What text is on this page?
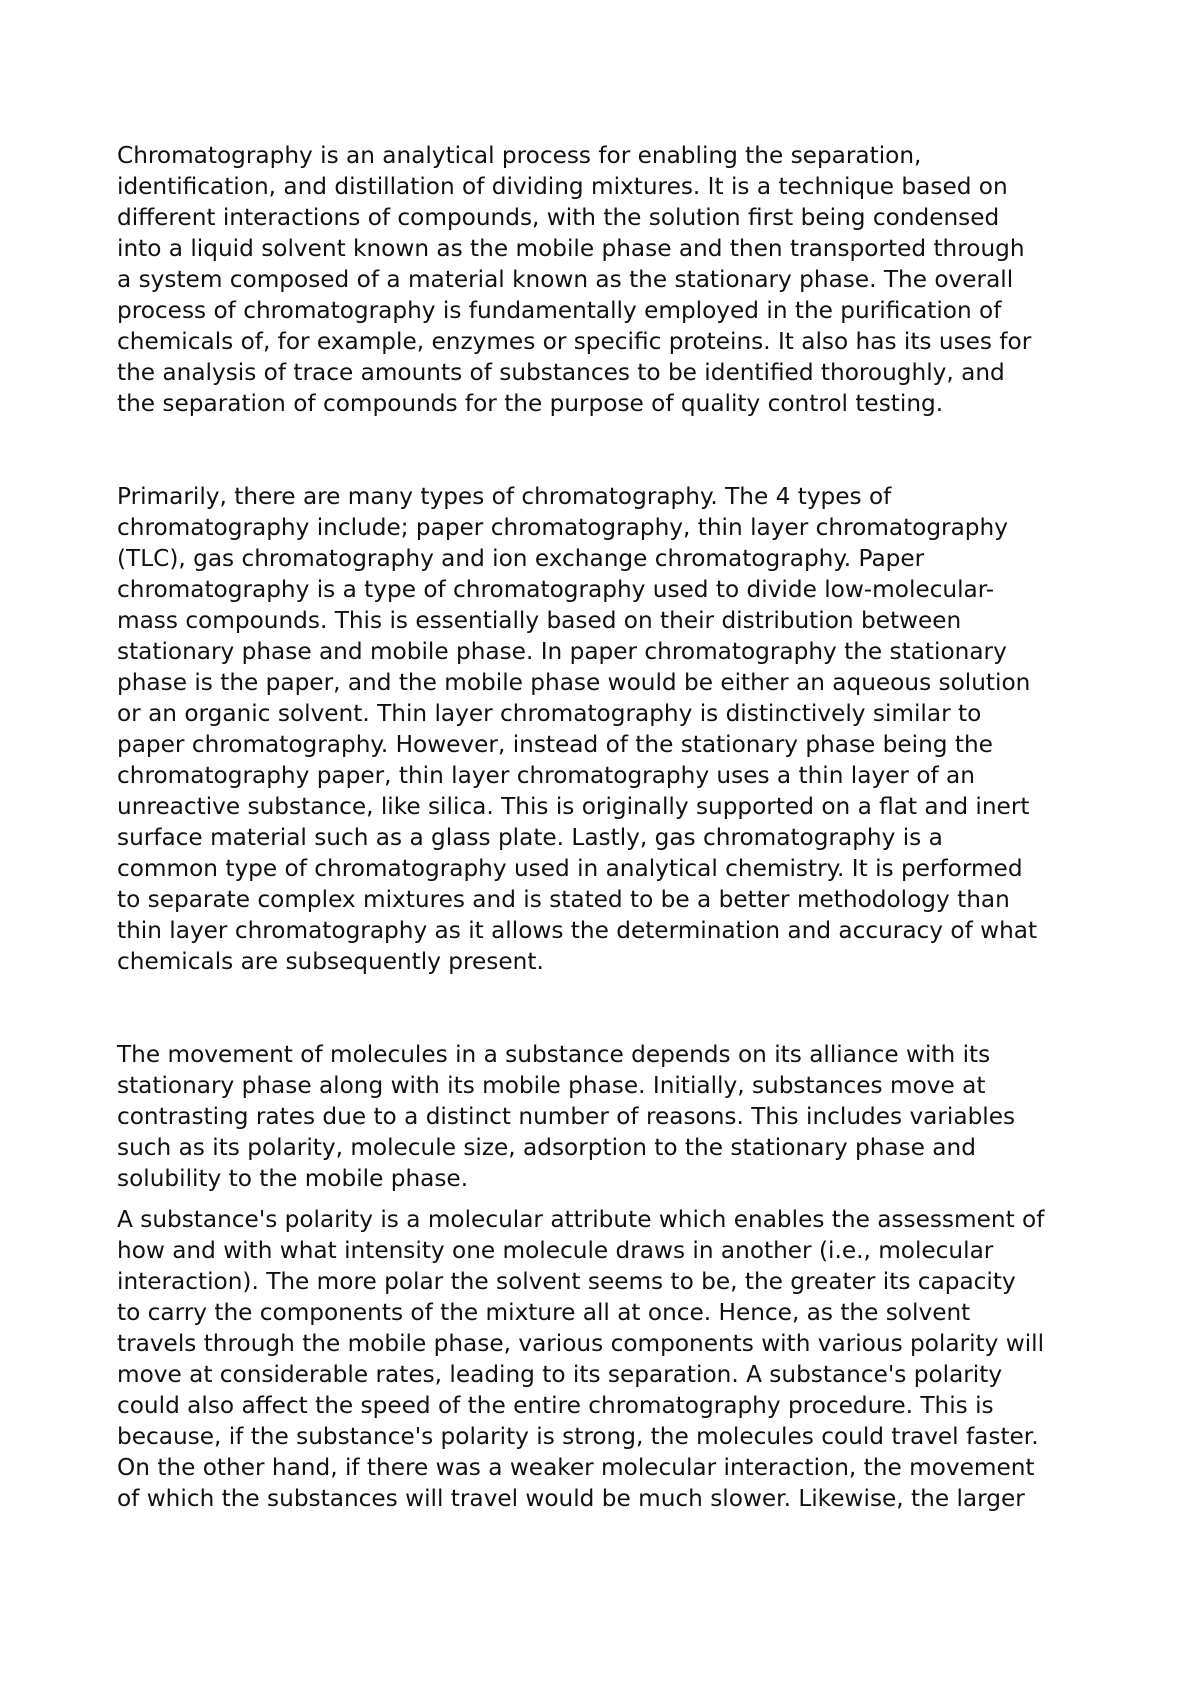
Chromatography is an analytical process for enabling the separation,
identification, and distillation of dividing mixtures. It is a technique based on
different interactions of compounds, with the solution first being condensed
into a liquid solvent known as the mobile phase and then transported through
a system composed of a material known as the stationary phase. The overall
process of chromatography is fundamentally employed in the purification of
chemicals of, for example, enzymes or specific proteins. It also has its uses for
the analysis of trace amounts of substances to be identified thoroughly, and
the separation of compounds for the purpose of quality control testing.

Primarily, there are many types of chromatography. The 4 types of
chromatography include; paper chromatography, thin layer chromatography
(TLC), gas chromatography and ion exchange chromatography. Paper
chromatography is a type of chromatography used to divide low-molecular-
mass compounds. This is essentially based on their distribution between
stationary phase and mobile phase. In paper chromatography the stationary
phase is the paper, and the mobile phase would be either an aqueous solution
or an organic solvent. Thin layer chromatography is distinctively similar to
paper chromatography. However, instead of the stationary phase being the
chromatography paper, thin layer chromatography uses a thin layer of an
unreactive substance, like silica. This is originally supported on a flat and inert
surface material such as a glass plate. Lastly, gas chromatography is a
common type of chromatography used in analytical chemistry. It is performed
to separate complex mixtures and is stated to be a better methodology than
thin layer chromatography as it allows the determination and accuracy of what
chemicals are subsequently present.

The movement of molecules in a substance depends on its alliance with its
stationary phase along with its mobile phase. Initially, substances move at
contrasting rates due to a distinct number of reasons. This includes variables
such as its polarity, molecule size, adsorption to the stationary phase and
solubility to the mobile phase.

A substance's polarity is a molecular attribute which enables the assessment of
how and with what intensity one molecule draws in another (i.e., molecular
interaction). The more polar the solvent seems to be, the greater its capacity
to carry the components of the mixture all at once. Hence, as the solvent
travels through the mobile phase, various components with various polarity will
move at considerable rates, leading to its separation. A substance's polarity
could also affect the speed of the entire chromatography procedure. This is
because, if the substance's polarity is strong, the molecules could travel faster.
On the other hand, if there was a weaker molecular interaction, the movement
of which the substances will travel would be much slower. Likewise, the larger
